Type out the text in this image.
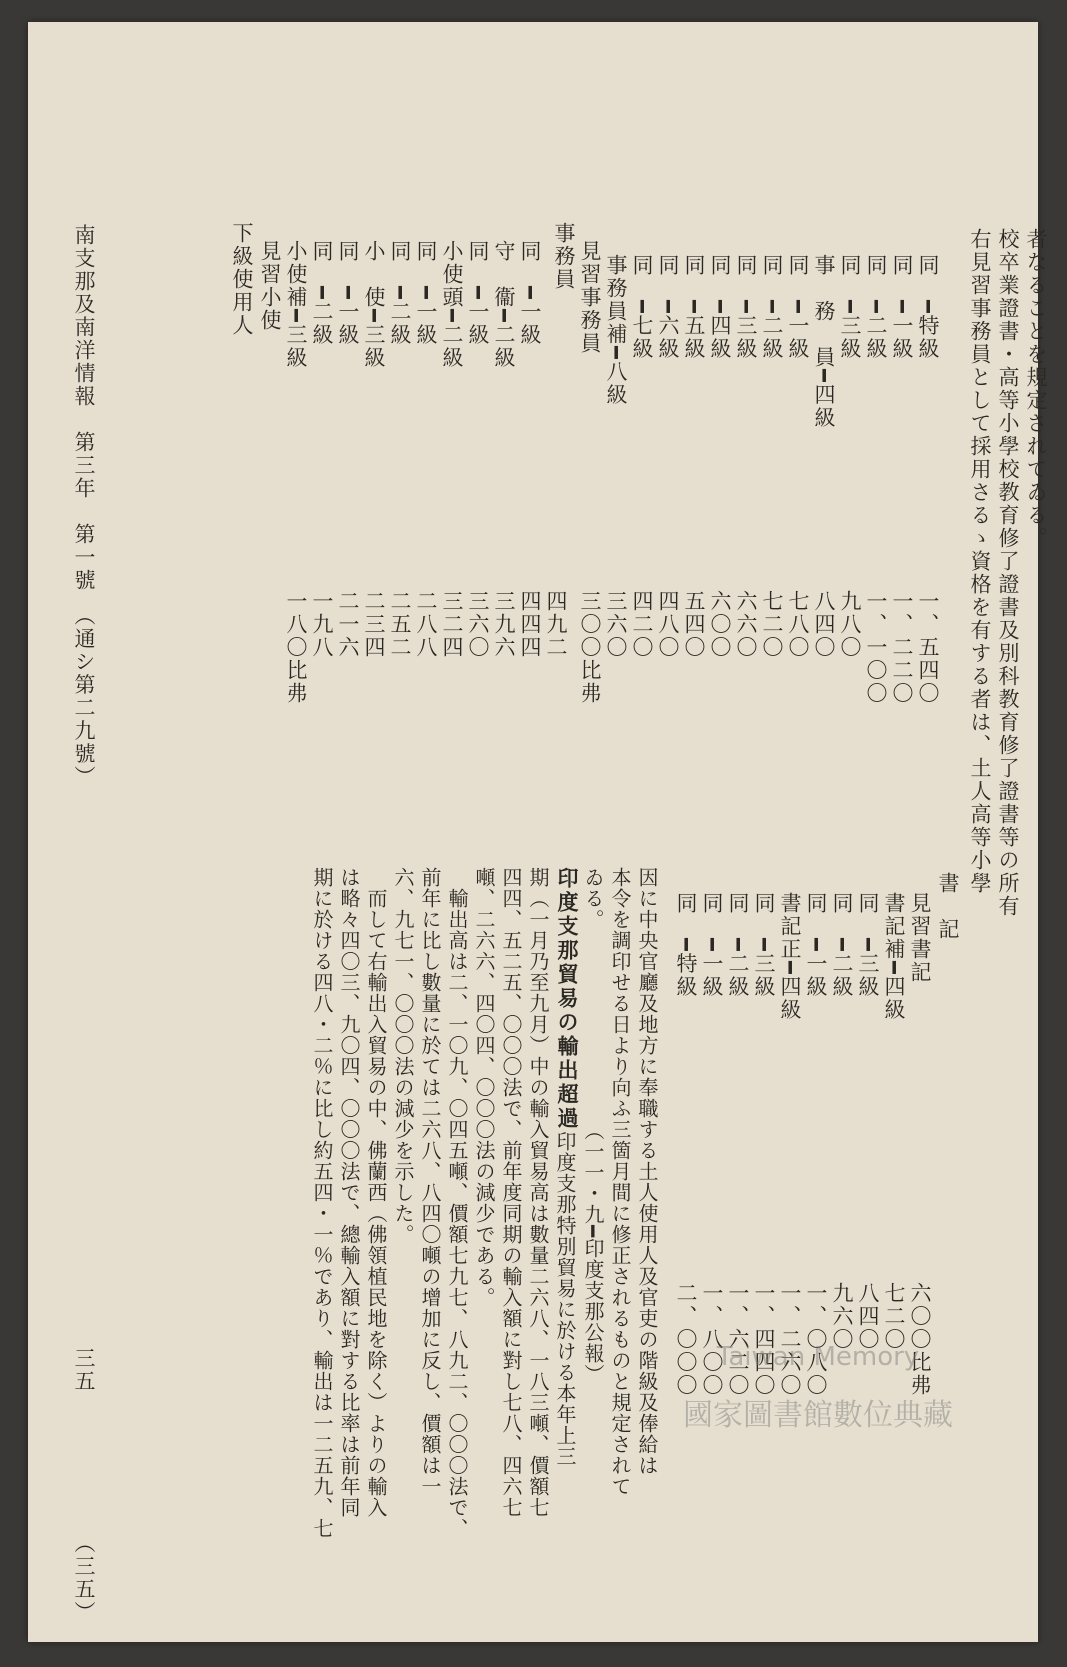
下級使用人 見習小使 小使補━三級 同　━二級 同　━一級 小　使━三級 同　━二級 同　━一級 小使頭━二級 同　━一級 守　衞━二級 同　━一級 事務員 見習事務員 事務員補━八級 同　━七級 同　━六級 同　━五級 同　━四級 同　━三級 同　━二級 同　━一級 事　務　員━四級 同　━三級 同　━二級 同　━一級 同　━特級 右見習事務員として採用さるゝ資格を有する者は、土人高等小學 校卒業證書・高等小學校教育修了證書及別科教育修了證書等の所有 者なることを規定されてゐる。
一八〇比弗 一九八 二一六 二三四 二五二 二八八 三二四 三六〇 三九六 四四四 四九二 三〇〇比弗 三六〇 四二〇 四八〇 五四〇 六〇〇 六六〇 七二〇 七八〇 八四〇 九八〇 一、一〇〇 一、二二〇 一、五四〇
書　記
見習書記
書記補━四級
同　━三級
同　━二級
同　━一級
書記正━四級
同　━三級
同　━二級
同　━一級
同　━特級
六〇〇比弗
七二〇
八四〇
九六〇
一、〇八〇
一、二六〇
一、四四〇
一、六二〇
一、八〇〇
二、〇〇〇
因に中央官廳及地方に奉職する土人使用人及官吏の階級及俸給は
本令を調印せる日より向ふ三箇月間に修正されるものと規定されて
ゐる。　　　　　　　　　　（一一・九━印度支那公報）
印度支那貿易の輸出超過
　印度支那特別貿易に於ける本年上三
期（一月乃至九月）中の輸入貿易高は數量二六八、一八三噸、價額七
四四、五二五、〇〇〇法で、前年度同期の輸入額に對し七八、四六七
噸、二六六、四〇四、〇〇〇法の減少である。
　輸出高は二、一〇九、〇四五噸、價額七九七、八九二、〇〇〇法で、
前年に比し數量に於ては二六八、八四〇噸の增加に反し、價額は一
六、九七一、〇〇〇法の減少を示した。
　而して右輸出入貿易の中、佛蘭西（佛領植民地を除く）よりの輸入
は略々四〇三、九〇四、〇〇〇法で、總輸入額に對する比率は前年同
期に於ける四八・二％に比し約五四・一％であり、輸出は一二五九、七
南支那及南洋情報　第三年　第一號　（通シ第二九號）
三五
（三五）
Taiwan Memory
國家圖書館數位典藏
